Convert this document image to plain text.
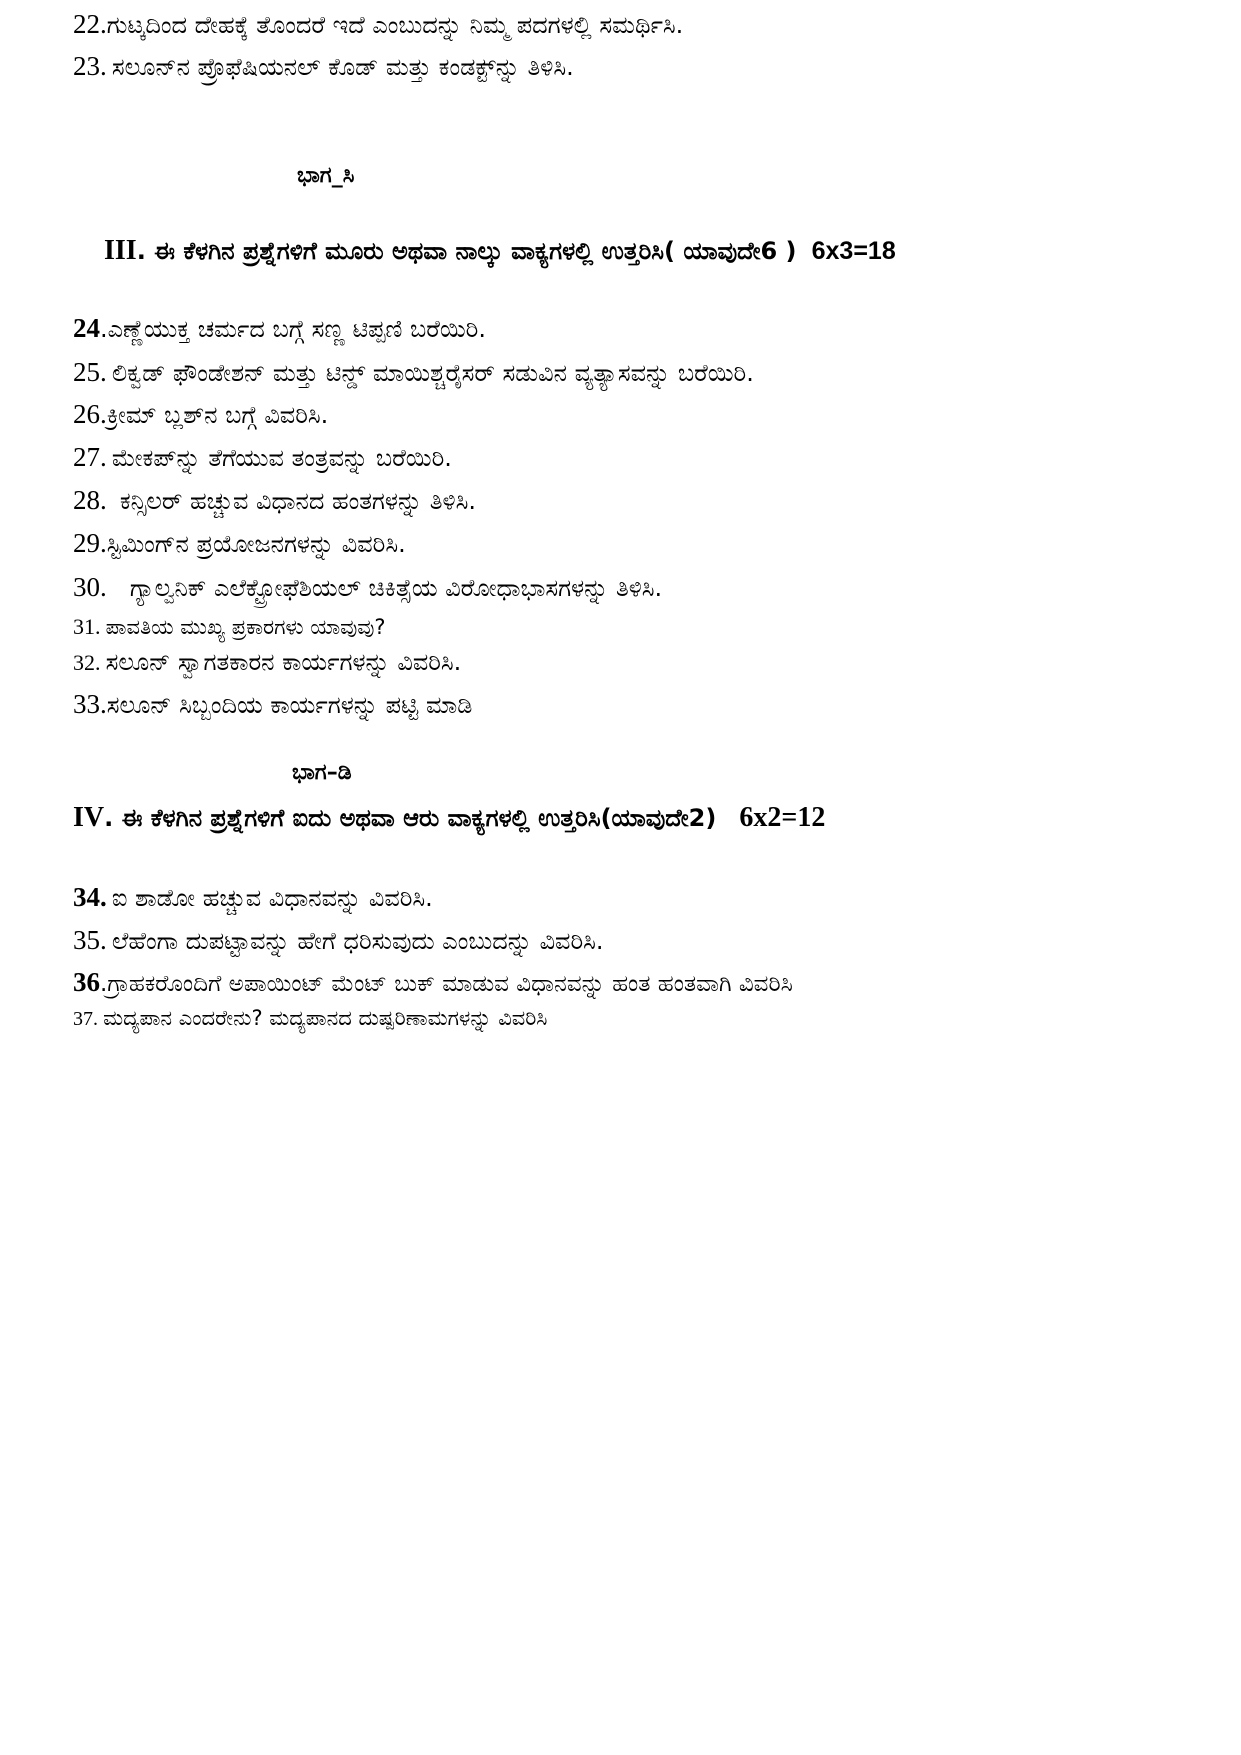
22.ಗುಟ್ಕದಿಂದ ದೇಹಕ್ಕೆ ತೊಂದರೆ ಇದೆ ಎಂಬುದನ್ನು ನಿಮ್ಮ ಪದಗಳಲ್ಲಿ ಸಮರ್ಥಿಸಿ.
23. ಸಲೂನ್‌ನ ಪ್ರೊಫೆಷಿಯನಲ್ ಕೊಡ್ ಮತ್ತು ಕಂಡಕ್ಟ್‌ನ್ನು ತಿಳಿಸಿ.
ಭಾಗ_ಸಿ
III. ಈ ಕೆಳಗಿನ ಪ್ರಶ್ನೆಗಳಿಗೆ ಮೂರು ಅಥವಾ ನಾಲ್ಕು ವಾಕ್ಯಗಳಲ್ಲಿ ಉತ್ತರಿಸಿ( ಯಾವುದೇ6 ) 6x3=18
24.ಎಣ್ಣೆಯುಕ್ತ ಚರ್ಮದ ಬಗ್ಗೆ ಸಣ್ಣ ಟಿಪ್ಪಣಿ ಬರೆಯಿರಿ.
25. ಲಿಕ್ವಡ್ ಫೌಂಡೇಶನ್ ಮತ್ತು ಟಿನ್ಡ್ ಮಾಯಿಶ್ಚರೈಸರ್ ಸಡುವಿನ ವ್ಯತ್ಯಾಸವನ್ನು ಬರೆಯಿರಿ.
26.ಕ್ರೀಮ್ ಬ್ಲಶ್‌ನ ಬಗ್ಗೆ ವಿವರಿಸಿ.
27. ಮೇಕಪ್‌ನ್ನು ತೆಗೆಯುವ ತಂತ್ರವನ್ನು ಬರೆಯಿರಿ.
28. ಕನ್ಸಿಲರ್ ಹಚ್ಚುವ ವಿಧಾನದ ಹಂತಗಳನ್ನು ತಿಳಿಸಿ.
29.ಸ್ಟಿಮಿಂಗ್‌ನ ಪ್ರಯೋಜನಗಳನ್ನು ವಿವರಿಸಿ.
30. ಗ್ಯಾಲ್ವನಿಕ್ ಎಲೆಕ್ಟ್ರೋಫೆಶಿಯಲ್ ಚಿಕಿತ್ಸೆಯ ವಿರೋಧಾಭಾಸಗಳನ್ನು ತಿಳಿಸಿ.
31. ಪಾವತಿಯ ಮುಖ್ಯ ಪ್ರಕಾರಗಳು ಯಾವುವು?
32. ಸಲೂನ್ ಸ್ವಾಗತಕಾರನ ಕಾರ್ಯಗಳನ್ನು ವಿವರಿಸಿ.
33.ಸಲೂನ್ ಸಿಬ್ಬಂದಿಯ ಕಾರ್ಯಗಳನ್ನು ಪಟ್ಟಿ ಮಾಡಿ
ಭಾಗ–ಡಿ
IV. ಈ ಕೆಳಗಿನ ಪ್ರಶ್ನೆಗಳಿಗೆ ಐದು ಅಥವಾ ಆರು ವಾಕ್ಯಗಳಲ್ಲಿ ಉತ್ತರಿಸಿ(ಯಾವುದೇ2) 6x2=12
34. ಐ ಶಾಡೋ ಹಚ್ಚುವ ವಿಧಾನವನ್ನು ವಿವರಿಸಿ.
35. ಲೆಹೆಂಗಾ ದುಪಟ್ಟಾವನ್ನು ಹೇಗೆ ಧರಿಸುವುದು ಎಂಬುದನ್ನು ವಿವರಿಸಿ.
36.ಗ್ರಾಹಕರೊಂದಿಗೆ ಅಪಾಯಿಂಟ್ ಮೆಂಟ್ ಬುಕ್ ಮಾಡುವ ವಿಧಾನವನ್ನು ಹಂತ ಹಂತವಾಗಿ ವಿವರಿಸಿ
37. ಮದ್ಯಪಾನ ಎಂದರೇನು? ಮದ್ಯಪಾನದ ದುಷ್ಪರಿಣಾಮಗಳನ್ನು ವಿವರಿಸಿ
